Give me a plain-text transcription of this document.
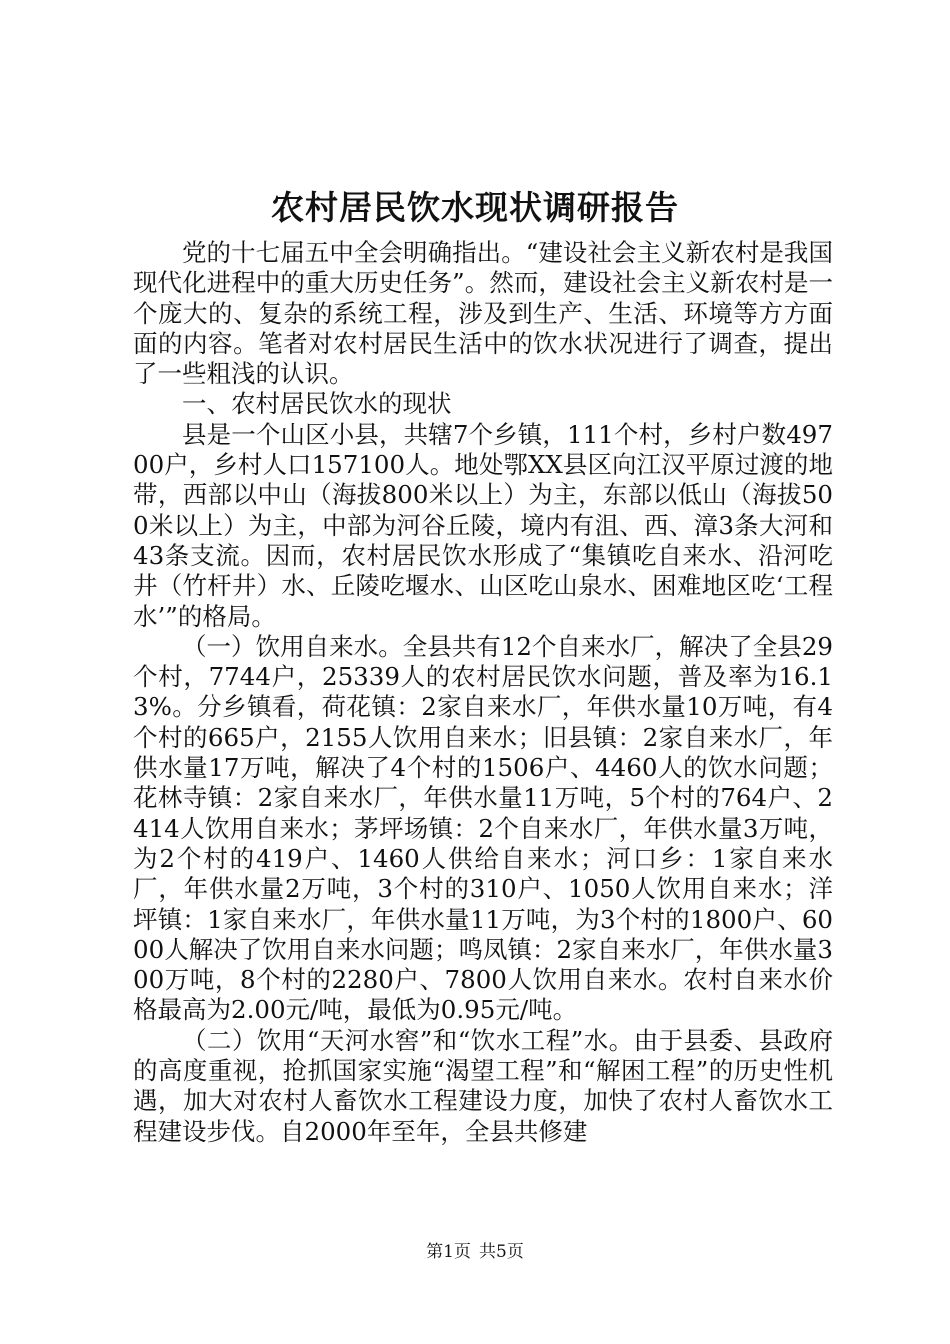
农村居民饮水现状调研报告

党的十七届五中全会明确指出。“建设社会主义新农村是我国现代化进程中的重大历史任务”。然而，建设社会主义新农村是一个庞大的、复杂的系统工程，涉及到生产、生活、环境等方方面面的内容。笔者对农村居民生活中的饮水状况进行了调查，提出了一些粗浅的认识。

一、农村居民饮水的现状

县是一个山区小县，共辖7个乡镇，111个村，乡村户数49700户，乡村人口157100人。地处鄂XX县区向江汉平原过渡的地带，西部以中山（海拔800米以上）为主，东部以低山（海拔500米以上）为主，中部为河谷丘陵，境内有沮、西、漳3条大河和43条支流。因而，农村居民饮水形成了“集镇吃自来水、沿河吃井（竹杆井）水、丘陵吃堰水、山区吃山泉水、困难地区吃‘工程水’”的格局。

（一）饮用自来水。全县共有12个自来水厂，解决了全县29个村，7744户，25339人的农村居民饮水问题，普及率为16.13%。分乡镇看，荷花镇：2家自来水厂，年供水量10万吨，有4个村的665户，2155人饮用自来水；旧县镇：2家自来水厂，年供水量17万吨，解决了4个村的1506户、4460人的饮水问题；花林寺镇：2家自来水厂，年供水量11万吨，5个村的764户、2414人饮用自来水；茅坪场镇：2个自来水厂，年供水量3万吨，为2个村的419户、1460人供给自来水；河口乡：1家自来水厂，年供水量2万吨，3个村的310户、1050人饮用自来水；洋坪镇：1家自来水厂，年供水量11万吨，为3个村的1800户、6000人解决了饮用自来水问题；鸣凤镇：2家自来水厂，年供水量300万吨，8个村的2280户、7800人饮用自来水。农村自来水价格最高为2.00元/吨，最低为0.95元/吨。

（二）饮用“天河水窖”和“饮水工程”水。由于县委、县政府的高度重视，抢抓国家实施“渴望工程”和“解困工程”的历史性机遇，加大对农村人畜饮水工程建设力度，加快了农村人畜饮水工程建设步伐。自2000年至年，全县共修建

第1页 共5页
